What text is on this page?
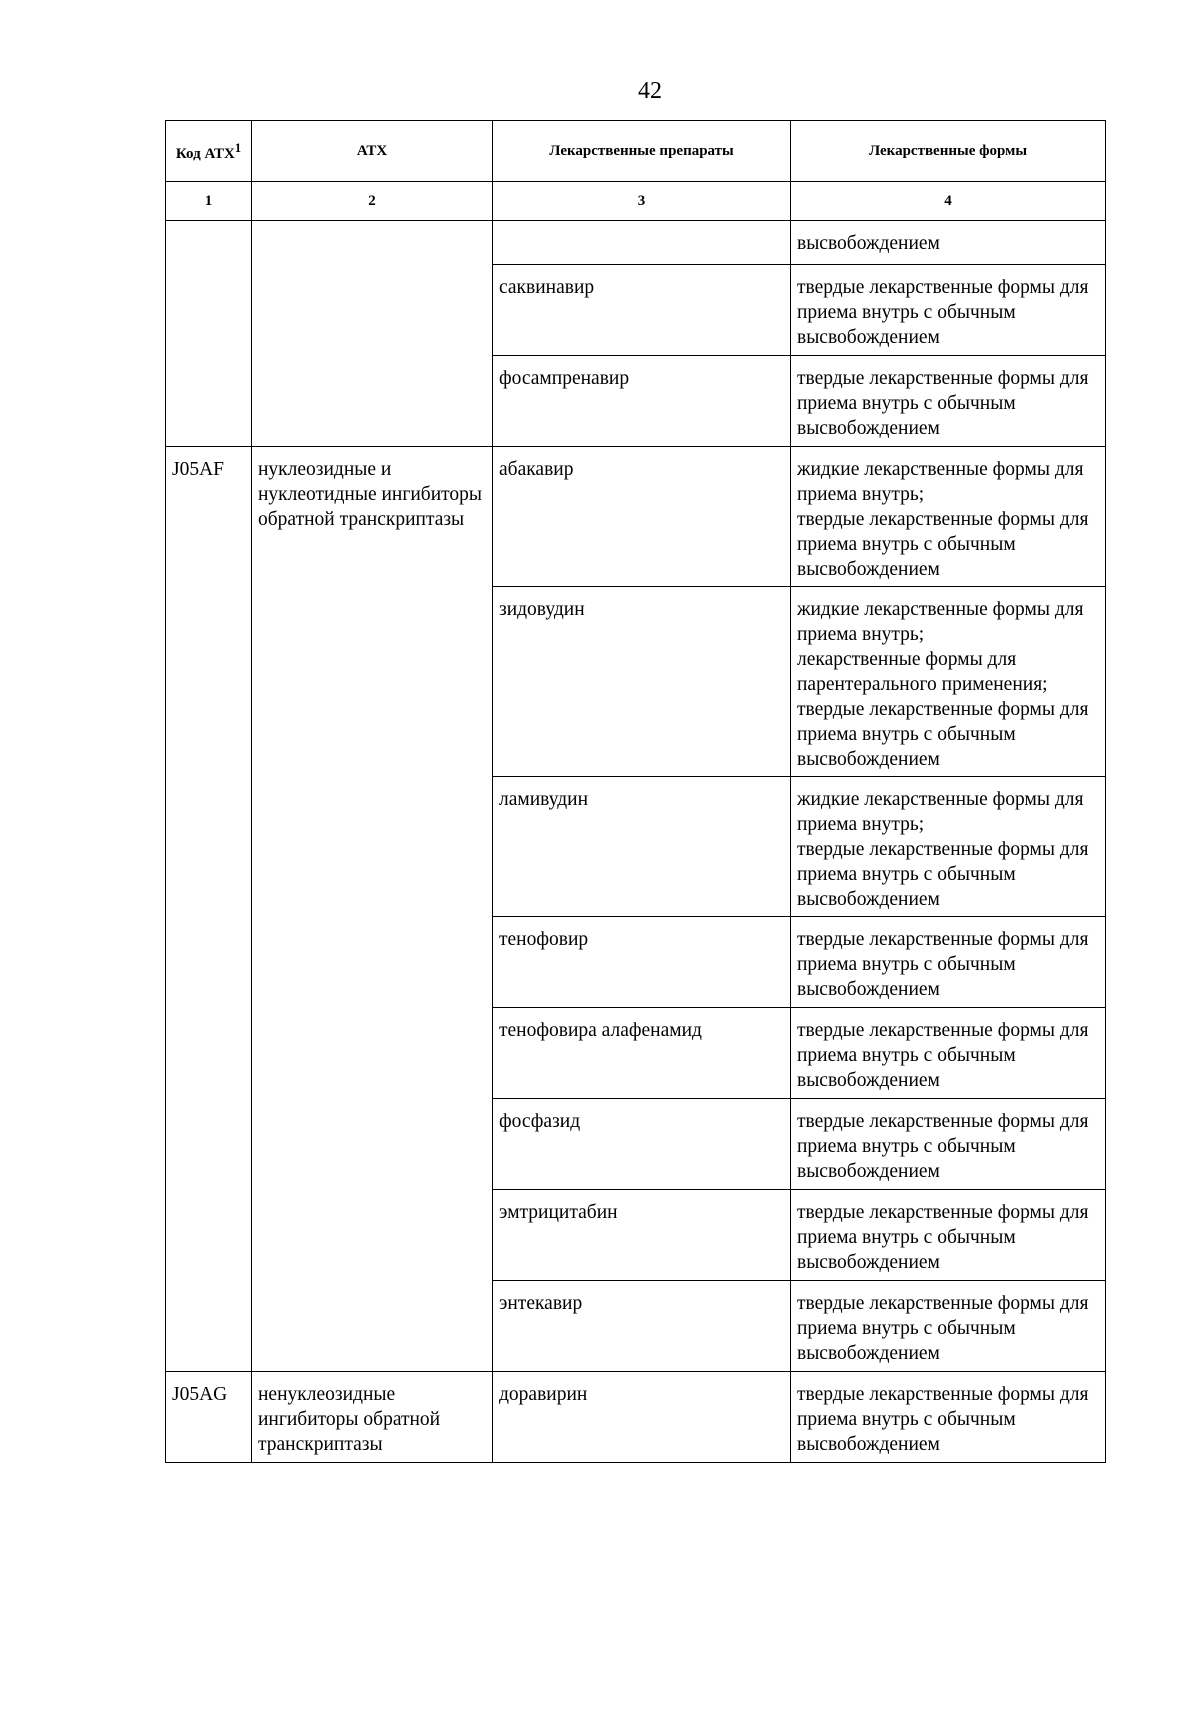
42
Код АТХ$^1$	АТХ	Лекарственные препараты	Лекарственные формы
1	2	3	4

			высвобождением

		саквинавир	твердые лекарственные формы для приема внутрь с обычным высвобождением

		фосампренавир	твердые лекарственные формы для приема внутрь с обычным высвобождением

J05AF	нуклеозидные и нуклеотидные ингибиторы обратной транскриптазы	абакавир	жидкие лекарственные формы для приема внутрь;
твердые лекарственные формы для приема внутрь с обычным высвобождением

		зидовудин	жидкие лекарственные формы для приема внутрь;
лекарственные формы для парентерального применения;
твердые лекарственные формы для приема внутрь с обычным высвобождением

		ламивудин	жидкие лекарственные формы для приема внутрь;
твердые лекарственные формы для приема внутрь с обычным высвобождением

		тенофовир	твердые лекарственные формы для приема внутрь с обычным высвобождением

		тенофовира алафенамид	твердые лекарственные формы для приема внутрь с обычным высвобождением

		фосфазид	твердые лекарственные формы для приема внутрь с обычным высвобождением

		эмтрицитабин	твердые лекарственные формы для приема внутрь с обычным высвобождением

		энтекавир	твердые лекарственные формы для приема внутрь с обычным высвобождением

J05AG	ненуклеозидные ингибиторы обратной транскриптазы	доравирин	твердые лекарственные формы для приема внутрь с обычным высвобождением
